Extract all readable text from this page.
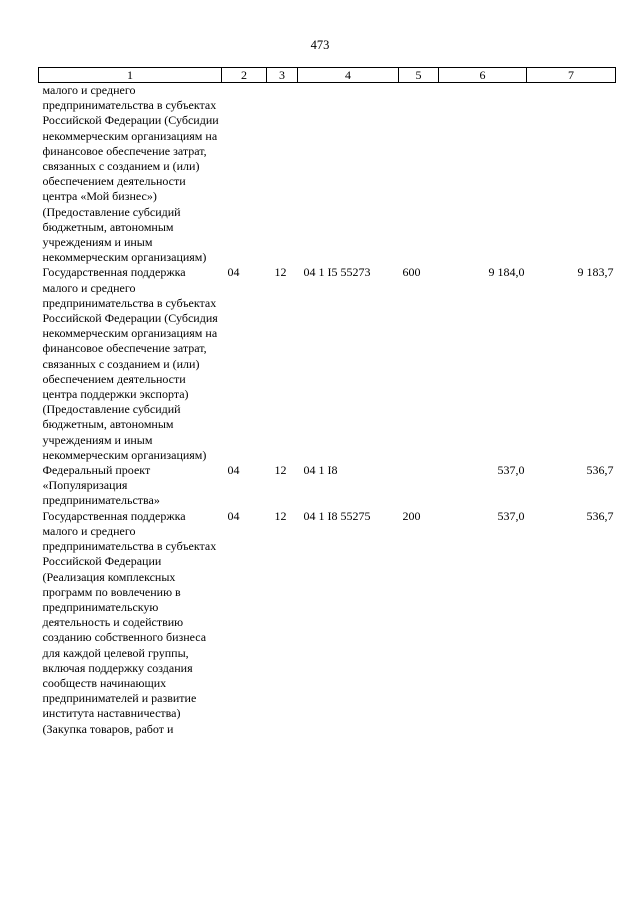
473
1	2	3	4	5	6	7
малого и среднего предпринимательства в субъектах Российской Федерации (Субсидии некоммерческим организациям на финансовое обеспечение затрат, связанных с созданием и (или) обеспечением деятельности центра «Мой бизнес») (Предоставление субсидий бюджетным, автономным учреждениям и иным некоммерческим организациям)						
Государственная поддержка малого и среднего предпринимательства в субъектах Российской Федерации (Субсидия некоммерческим организациям на финансовое обеспечение затрат, связанных с созданием и (или) обеспечением деятельности центра поддержки экспорта) (Предоставление субсидий бюджетным, автономным учреждениям и иным некоммерческим организациям)	04	12	04 1 I5 55273	600	9 184,0	9 183,7
Федеральный проект «Популяризация предпринимательства»	04	12	04 1 I8		537,0	536,7
Государственная поддержка малого и среднего предпринимательства в субъектах Российской Федерации (Реализация комплексных программ по вовлечению в предпринимательскую деятельность и содействию созданию собственного бизнеса для каждой целевой группы, включая поддержку создания сообществ начинающих предпринимателей и развитие института наставничества) (Закупка товаров, работ и	04	12	04 1 I8 55275	200	537,0	536,7
